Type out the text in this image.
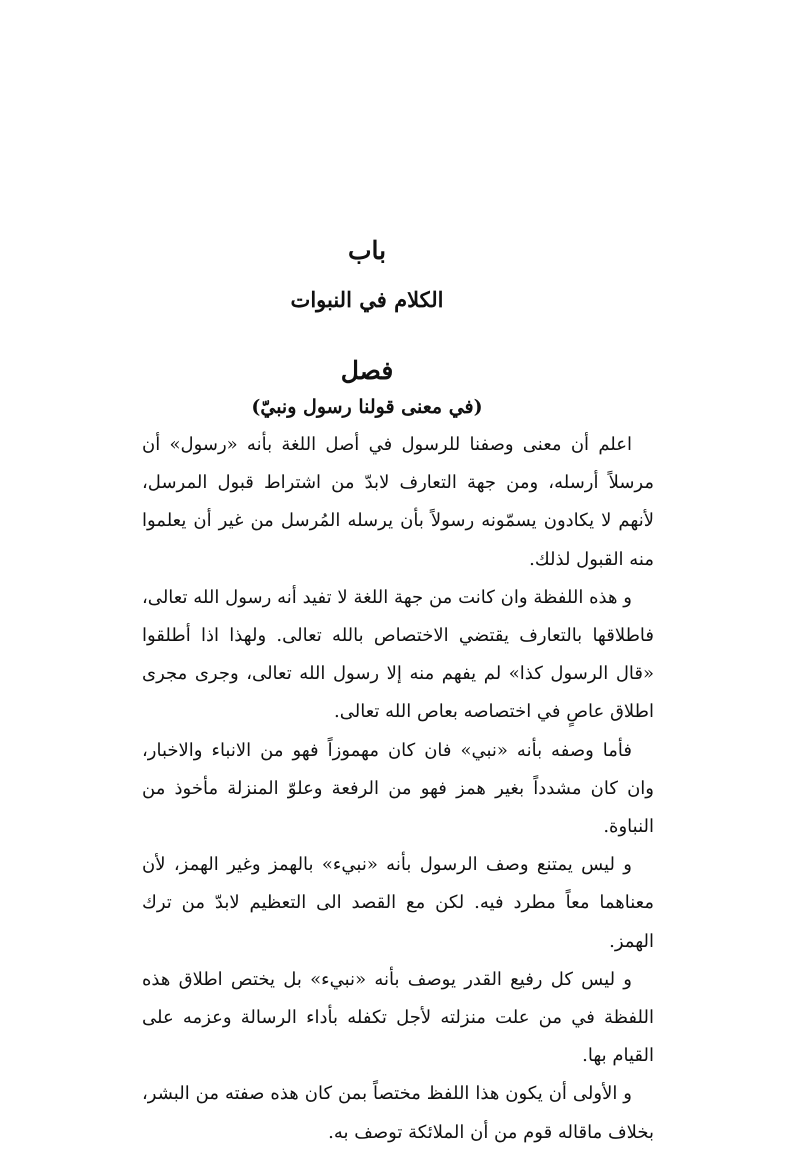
باب
الكلام في النبوات
فصل
(في معنى قولنا رسول ونبيّ)

اعلم أن معنى وصفنا للرسول في أصل اللغة بأنه «رسول» أن مرسلاً أرسله، ومن جهة التعارف لابدّ من اشتراط قبول المرسل، لأنهم لا يكادون يسمّونه رسولاً بأن يرسله المُرسل من غير أن يعلموا منه القبول لذلك.

و هذه اللفظة وان كانت من جهة اللغة لا تفيد أنه رسول الله تعالى، فاطلاقها بالتعارف يقتضي الاختصاص بالله تعالى. ولهذا اذا أطلقوا «قال الرسول كذا» لم يفهم منه إلا رسول الله تعالى، وجرى مجرى اطلاق عاصٍ في اختصاصه بعاص الله تعالى.

فأما وصفه بأنه «نبي» فان كان مهموزاً فهو من الانباء والاخبار، وان كان مشدداً بغير همز فهو من الرفعة وعلوّ المنزلة مأخوذ من النباوة.

و ليس يمتنع وصف الرسول بأنه «نبيء» بالهمز وغير الهمز، لأن معناهما معاً مطرد فيه. لكن مع القصد الى التعظيم لابدّ من ترك الهمز.

و ليس كل رفيع القدر يوصف بأنه «نبيء» بل يختص اطلاق هذه اللفظة في من علت منزلته لأجل تكفله بأداء الرسالة وعزمه على القيام بها.

و الأولى أن يكون هذا اللفظ مختصاً بمن كان هذه صفته من البشر، بخلاف ماقاله قوم من أن الملائكة توصف به.
